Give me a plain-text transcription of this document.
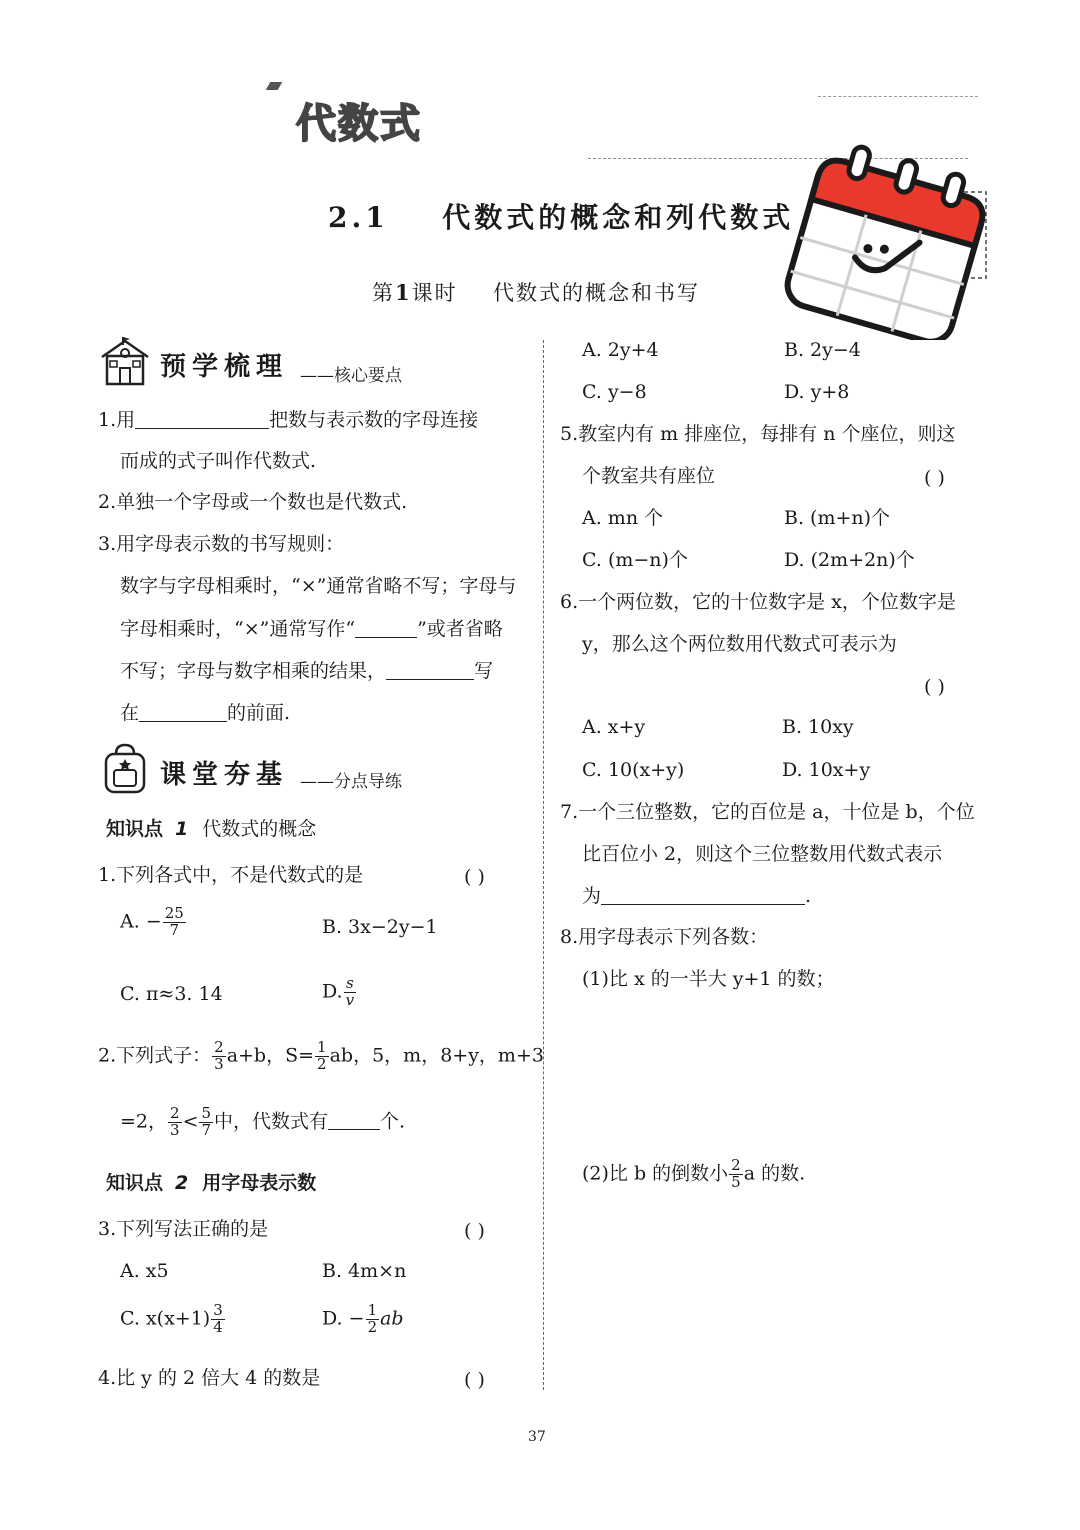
代数式
2.1 代数式的概念和列代数式
第1课时 代数式的概念和书写
预学梳理 ——核心要点
1.用	把数与表示数的字母连接
而成的式子叫作代数式.
2.单独一个字母或一个数也是代数式.
3.用字母表示数的书写规则：
数字与字母相乘时，“×”通常省略不写；字母与
字母相乘时，“×”通常写作“	”或者省略
不写；字母与数字相乘的结果，	写
在	的前面.
课堂夯基 ——分点导练
知识点 1 代数式的概念
1.下列各式中，不是代数式的是	( )
A. − $\frac{25}{7}$	B. 3x−2y−1
C. π≈3. 14	D. $\frac{s}{v}$
2.下列式子： $\frac{2}{3} a+b$，$S= \frac{1}{2}$ ab，5，m，8+y，m+3
=2， $\frac{2}{3} < \frac{5}{7}$ 中，代数式有	个.
知识点 2 用字母表示数
3.下列写法正确的是	( )
A. x5	B. 4m×n
C. $x(x+1) \frac{3}{4}$	D. − $\frac{1}{2}$ ab
4.比 y 的 2 倍大 4 的数是	( )
A. 2y+4	B. 2y−4
C. y−8	D. y+8
5.教室内有 m 排座位，每排有 n 个座位，则这
个教室共有座位	( )
A. mn 个	B. (m+n)个
C. (m−n)个	D. (2m+2n)个
6.一个两位数，它的十位数字是 x，个位数字是
y，那么这个两位数用代数式可表示为
( )
A. x+y	B. 10xy
C. 10(x+y)	D. 10x+y
7.一个三位整数，它的百位是 a，十位是 b，个位
比百位小 2，则这个三位整数用代数式表示
为	.
8.用字母表示下列各数：
(1)比 x 的一半大 y+1 的数；
(2)比 b 的倒数小 $\frac{2}{5}$ a 的数.
37
